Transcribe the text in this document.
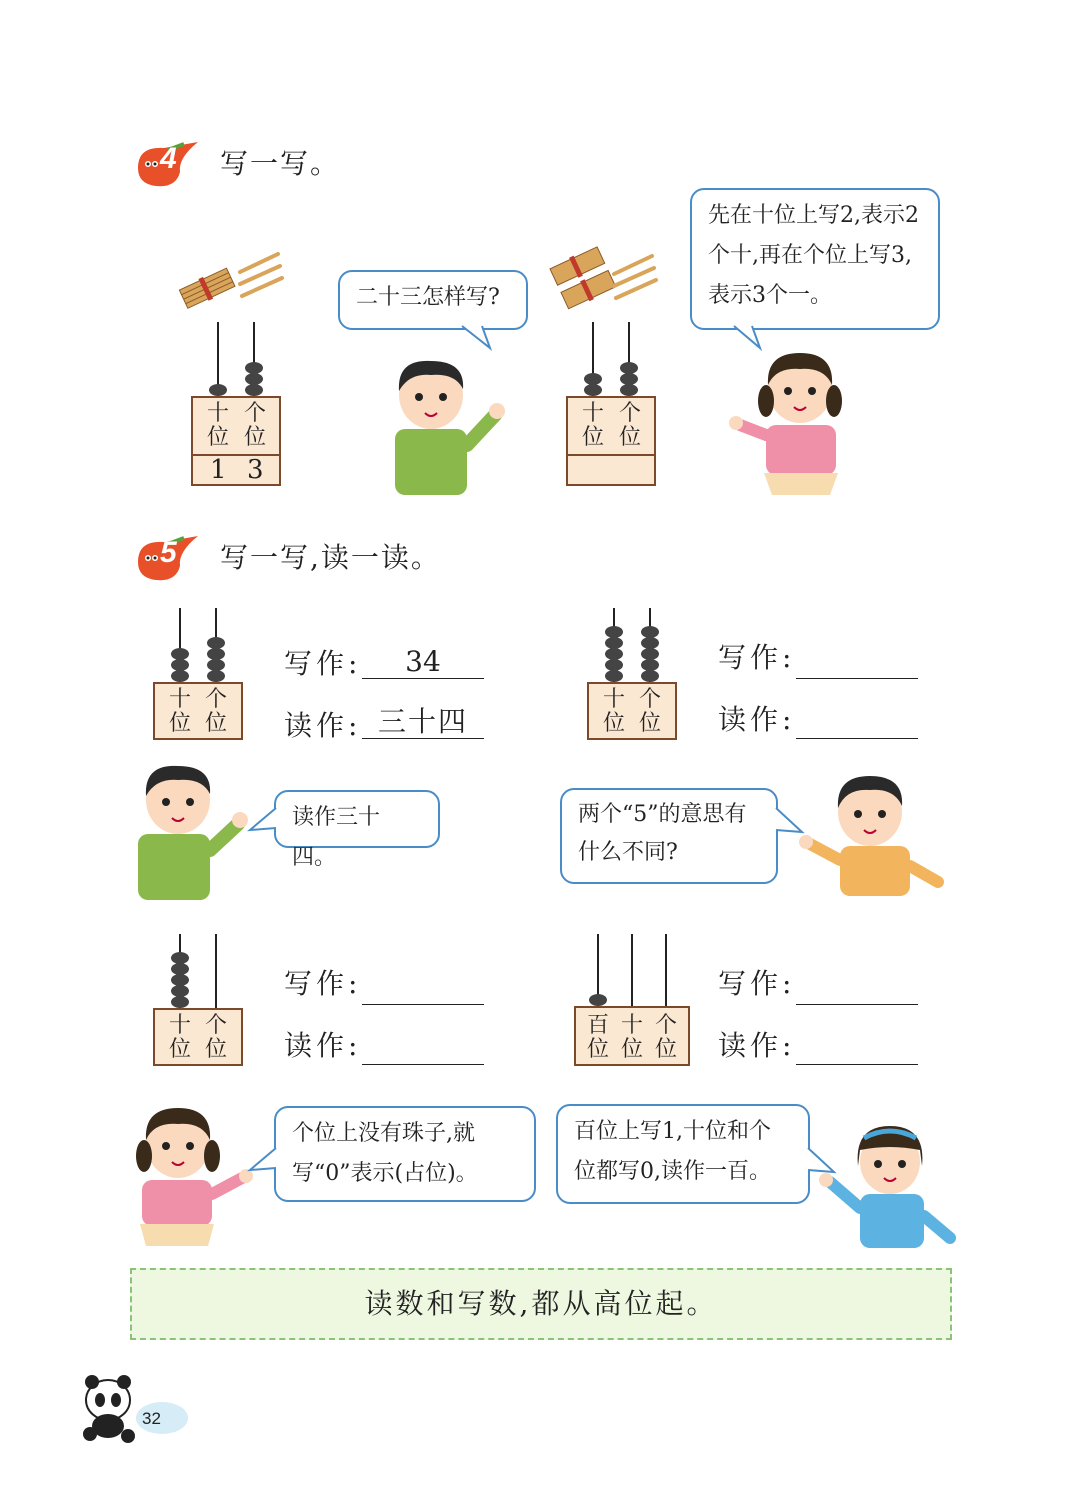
4 写一写。
十
位
个
位
1 3
二十三怎样写?
十
位
个
位
先在十位上写2,表示2个十,再在个位上写3,表示3个一。
5 写一写,读一读。
十
位
个
位
写作:	34
读作: 三十四
十
位
个
位
写作:
读作:
读作三十四。
两个“5”的意思有什么不同?
十
位
个
位
写作:
读作:
百
位
十
位
个
位
写作:
读作:
个位上没有珠子,就写“0”表示(占位)。
百位上写1,十位和个位都写0,读作一百。
读数和写数,都从高位起。
32
